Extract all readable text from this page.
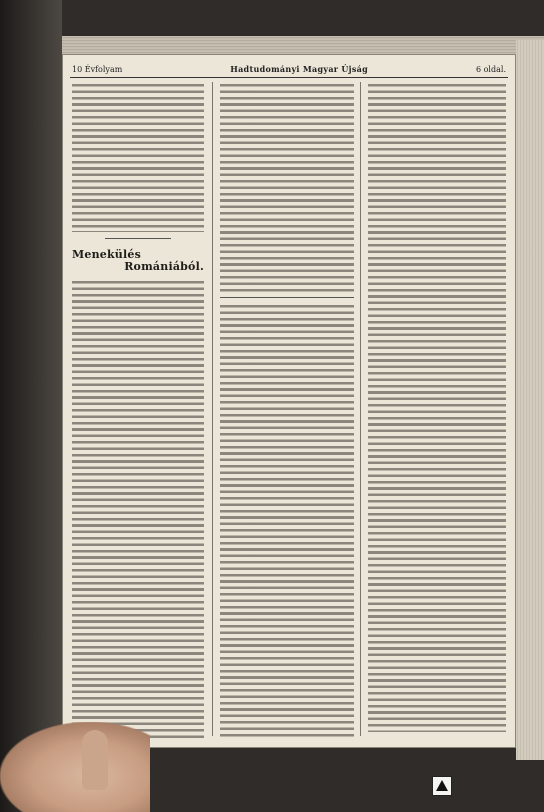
10 Évfolyam	Hadtudományi Magyar Újság	6 oldal.
Menekülés
Romániából.
